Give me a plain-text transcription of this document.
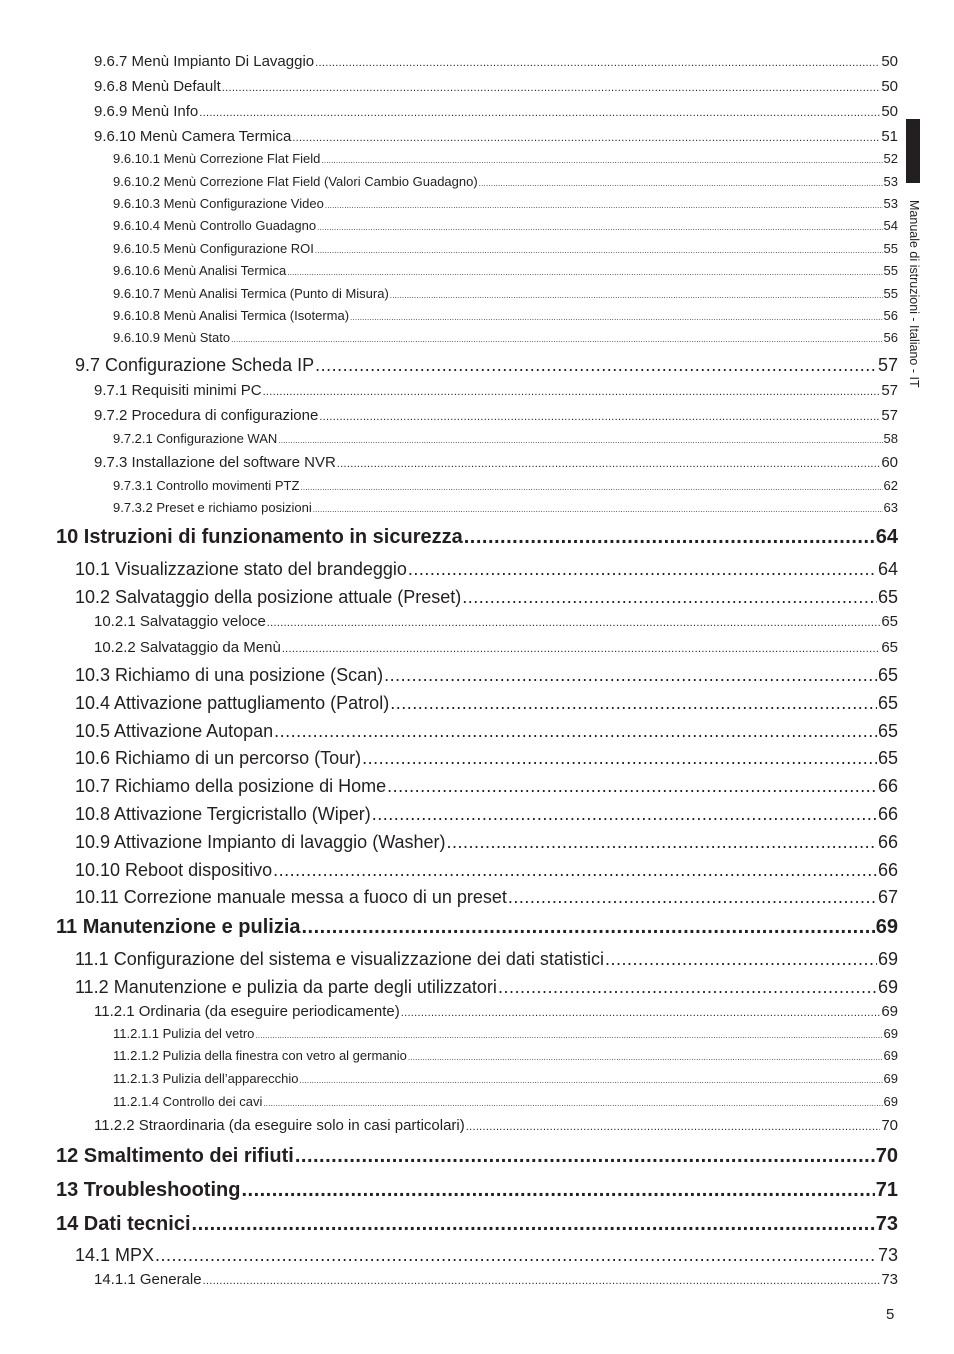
9.6.7 Menù Impianto Di Lavaggio .....	50
9.6.8 Menù Default .....	50
9.6.9 Menù Info .....	50
9.6.10 Menù Camera Termica .....	51
9.6.10.1 Menù Correzione Flat Field .....	52
9.6.10.2 Menù Correzione Flat Field (Valori Cambio Guadagno) .....	53
9.6.10.3 Menù Configurazione Video .....	53
9.6.10.4 Menù Controllo Guadagno .....	54
9.6.10.5 Menù Configurazione ROI .....	55
9.6.10.6 Menù Analisi Termica .....	55
9.6.10.7 Menù Analisi Termica (Punto di Misura) .....	55
9.6.10.8 Menù Analisi Termica (Isoterma) .....	56
9.6.10.9 Menù Stato .....	56
9.7 Configurazione Scheda IP .....	57
9.7.1 Requisiti minimi PC .....	57
9.7.2 Procedura di configurazione .....	57
9.7.2.1 Configurazione WAN .....	58
9.7.3 Installazione del software NVR .....	60
9.7.3.1 Controllo movimenti PTZ .....	62
9.7.3.2 Preset e richiamo posizioni .....	63
10 Istruzioni di funzionamento in sicurezza .....	64
10.1 Visualizzazione stato del brandeggio .....	64
10.2 Salvataggio della posizione attuale (Preset) .....	65
10.2.1 Salvataggio veloce .....	65
10.2.2 Salvataggio da Menù .....	65
10.3 Richiamo di una posizione (Scan) .....	65
10.4 Attivazione pattugliamento (Patrol) .....	65
10.5 Attivazione Autopan .....	65
10.6 Richiamo di un percorso (Tour) .....	65
10.7 Richiamo della posizione di Home .....	66
10.8 Attivazione Tergicristallo (Wiper) .....	66
10.9 Attivazione Impianto di lavaggio (Washer) .....	66
10.10 Reboot dispositivo .....	66
10.11 Correzione manuale messa a fuoco di un preset .....	67
11 Manutenzione e pulizia .....	69
11.1 Configurazione del sistema e visualizzazione dei dati statistici .....	69
11.2 Manutenzione e pulizia da parte degli utilizzatori .....	69
11.2.1 Ordinaria (da eseguire periodicamente) .....	69
11.2.1.1 Pulizia del vetro .....	69
11.2.1.2 Pulizia della finestra con vetro al germanio .....	69
11.2.1.3 Pulizia dell’apparecchio .....	69
11.2.1.4 Controllo dei cavi .....	69
11.2.2 Straordinaria (da eseguire solo in casi particolari) .....	70
12 Smaltimento dei rifiuti .....	70
13 Troubleshooting .....	71
14 Dati tecnici .....	73
14.1 MPX .....	73
14.1.1 Generale .....	73
Manuale di istruzioni - Italiano - IT
5
